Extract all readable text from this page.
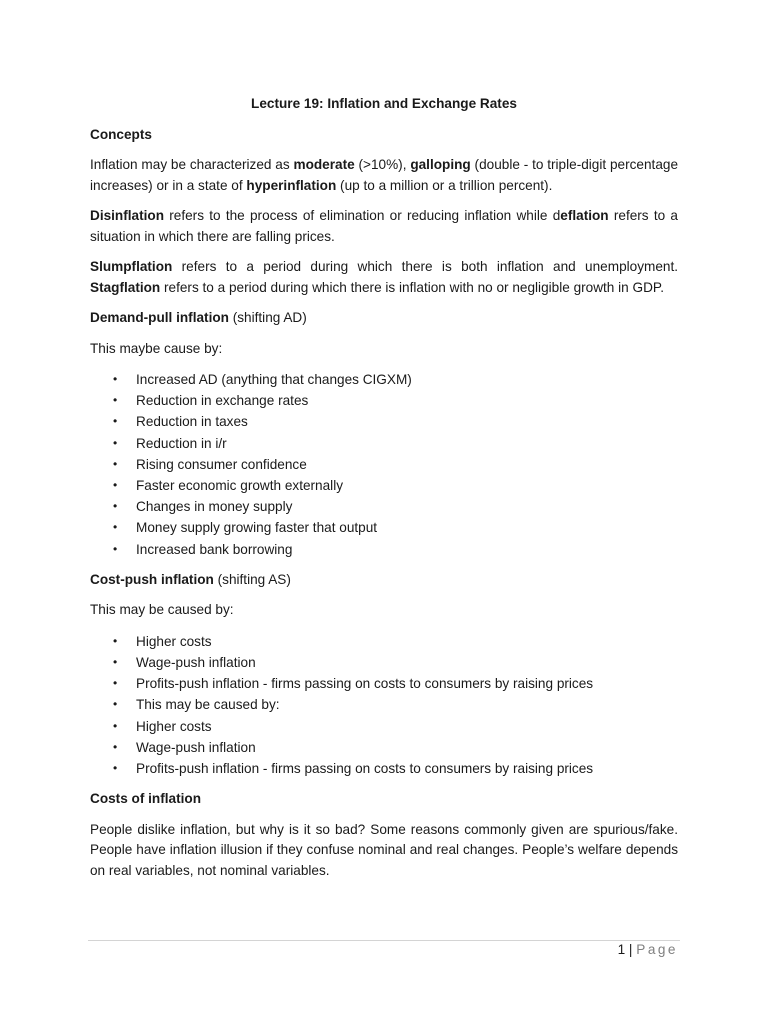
Lecture 19: Inflation and Exchange Rates
Concepts

Inflation may be characterized as moderate (>10%), galloping (double - to triple-digit percentage increases) or in a state of hyperinflation (up to a million or a trillion percent).

Disinflation refers to the process of elimination or reducing inflation while deflation refers to a situation in which there are falling prices.

Slumpflation refers to a period during which there is both inflation and unemployment. Stagflation refers to a period during which there is inflation with no or negligible growth in GDP.

Demand-pull inflation (shifting AD)

This maybe cause by:

• Increased AD (anything that changes CIGXM)
• Reduction in exchange rates
• Reduction in taxes
• Reduction in i/r
• Rising consumer confidence
• Faster economic growth externally
• Changes in money supply
• Money supply growing faster that output
• Increased bank borrowing

Cost-push inflation (shifting AS)

This may be caused by:

• Higher costs
• Wage-push inflation
• Profits-push inflation - firms passing on costs to consumers by raising prices
• This may be caused by:
• Higher costs
• Wage-push inflation
• Profits-push inflation - firms passing on costs to consumers by raising prices
Costs of inflation

People dislike inflation, but why is it so bad? Some reasons commonly given are spurious/fake. People have inflation illusion if they confuse nominal and real changes. People’s welfare depends on real variables, not nominal variables.

1 | Page
